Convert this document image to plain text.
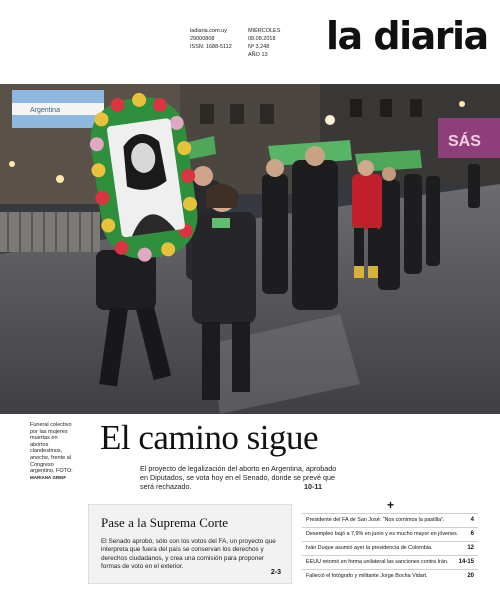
ladiaria.com.uy
29000808
ISSN: 1688-5112
MIÉRCOLES
08.08.2018
Nº 3.248
AÑO 13	la diaria
Argentina
SÁS
Funeral colectivo por las mujeres muertas en abortos clandestinos, anoche, frente al Congreso argentino. FOTO:
MARIANA GREIF
El camino sigue
El proyecto de legalización del aborto en Argentina, aprobado en Diputados, se vota hoy en el Senado, donde se prevé que será rechazado.	10-11
Pase a la Suprema Corte
El Senado aprobó, sólo con los votos del FA, un proyecto que interpreta que fuera del país se conservan los derechos y derechos ciudadanos, y crea una comisión para proponer formas de voto en el exterior.
2-3
+
Presidente del FA de San José: “Nos comimos la pastilla”.	4
Desempleo bajó a 7,9% en junio y es mucho mayor en jóvenes. 6
Iván Duque asumió ayer la presidencia de Colombia.	12
EEUU retomó en forma unilateral las sanciones contra Irán. 14-15
Falleció el fotógrafo y militante Jorge Bocha Vidart.	20
